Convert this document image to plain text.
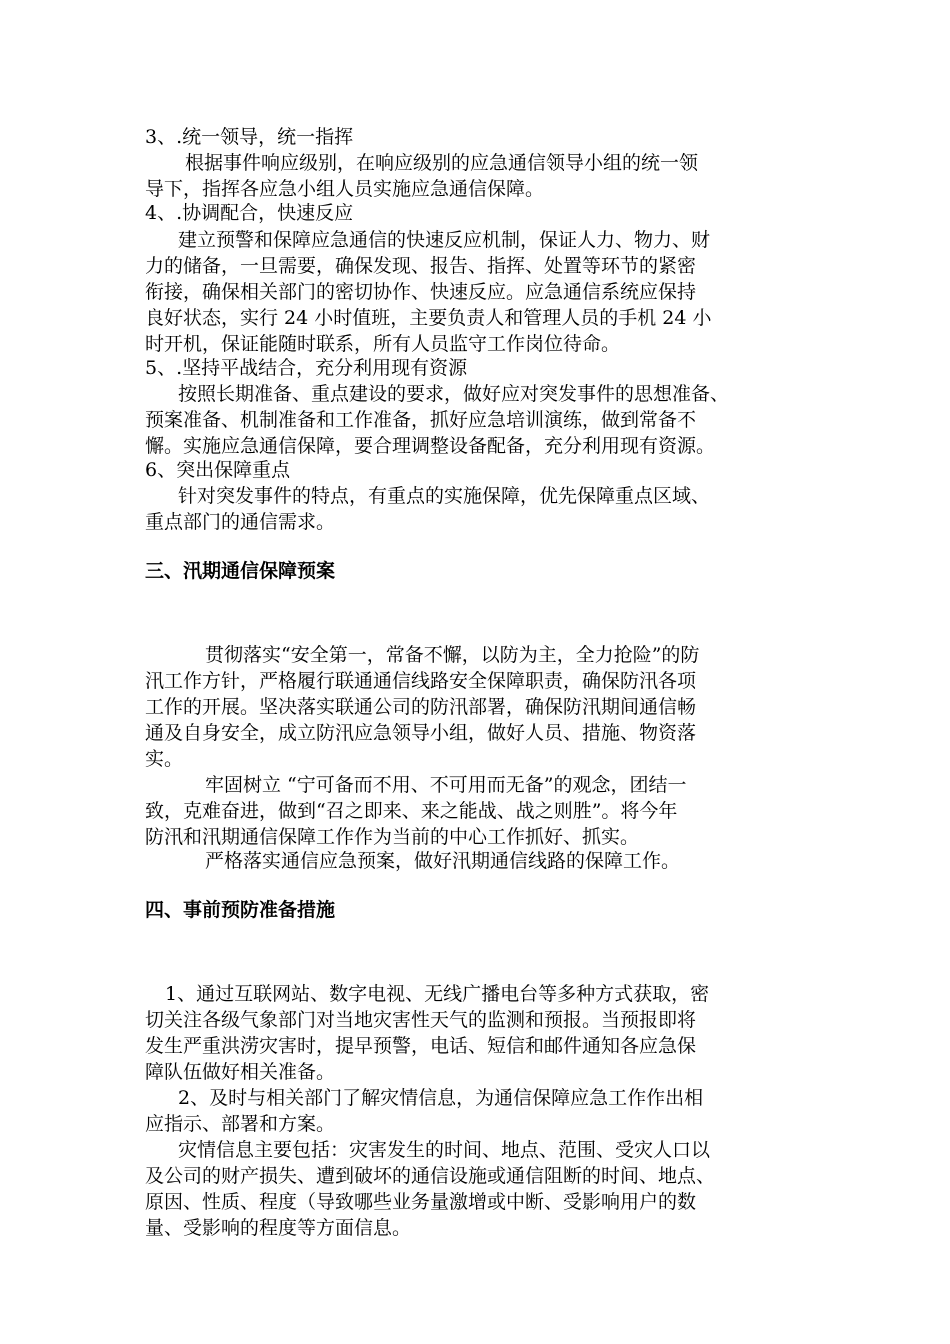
3、.统一领导，统一指挥
根据事件响应级别，在响应级别的应急通信领导小组的统一领
导下，指挥各应急小组人员实施应急通信保障。
4、.协调配合，快速反应
建立预警和保障应急通信的快速反应机制，保证人力、物力、财
力的储备，一旦需要，确保发现、报告、指挥、处置等环节的紧密
衔接，确保相关部门的密切协作、快速反应。应急通信系统应保持
良好状态，实行 24 小时值班，主要负责人和管理人员的手机 24 小
时开机，保证能随时联系，所有人员监守工作岗位待命。
5、.坚持平战结合，充分利用现有资源
按照长期准备、重点建设的要求，做好应对突发事件的思想准备、
预案准备、机制准备和工作准备，抓好应急培训演练，做到常备不
懈。实施应急通信保障，要合理调整设备配备，充分利用现有资源。
6、突出保障重点
针对突发事件的特点，有重点的实施保障，优先保障重点区域、
重点部门的通信需求。
三、汛期通信保障预案
贯彻落实“安全第一，常备不懈，以防为主，全力抢险”的防
汛工作方针，严格履行联通通信线路安全保障职责，确保防汛各项
工作的开展。坚决落实联通公司的防汛部署，确保防汛期间通信畅
通及自身安全，成立防汛应急领导小组，做好人员、措施、物资落
实。
牢固树立 “宁可备而不用、不可用而无备”的观念，团结一
致，克难奋进，做到“召之即来、来之能战、战之则胜”。将今年
防汛和汛期通信保障工作作为当前的中心工作抓好、抓实。
严格落实通信应急预案，做好汛期通信线路的保障工作。
四、事前预防准备措施
1、通过互联网站、数字电视、无线广播电台等多种方式获取，密
切关注各级气象部门对当地灾害性天气的监测和预报。当预报即将
发生严重洪涝灾害时，提早预警，电话、短信和邮件通知各应急保
障队伍做好相关准备。
2、及时与相关部门了解灾情信息，为通信保障应急工作作出相
应指示、部署和方案。
灾情信息主要包括：灾害发生的时间、地点、范围、受灾人口以
及公司的财产损失、遭到破坏的通信设施或通信阻断的时间、地点、
原因、性质、程度（导致哪些业务量激增或中断、受影响用户的数
量、受影响的程度等方面信息。
